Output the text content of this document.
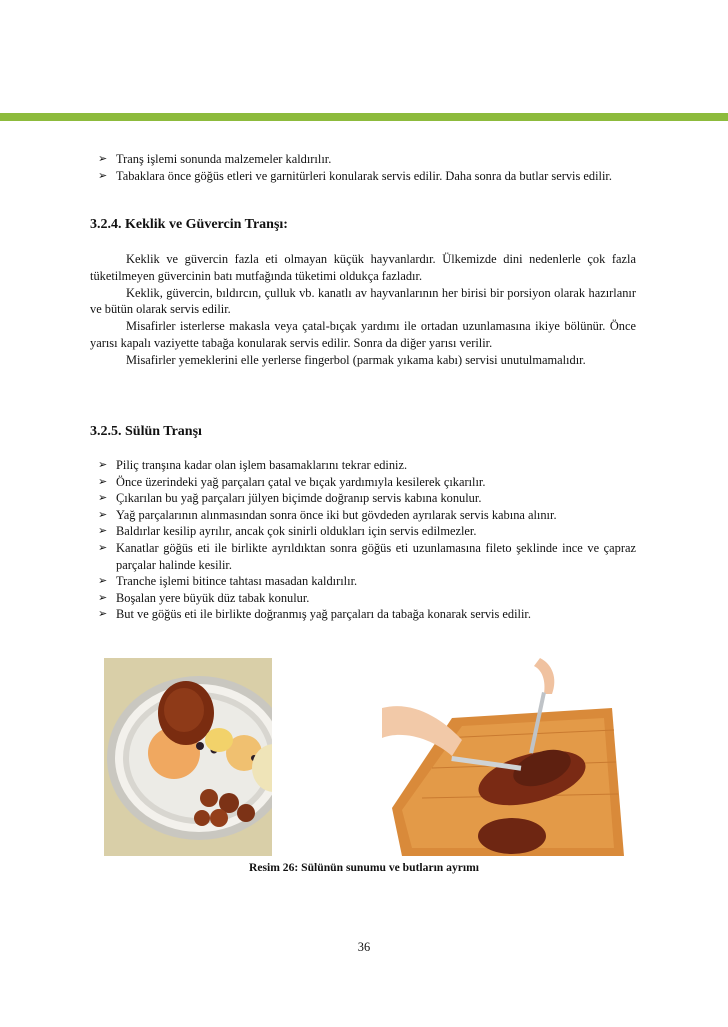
➢ Tranş işlemi sonunda malzemeler kaldırılır.
➢ Tabaklara önce göğüs etleri ve garnitürleri konularak servis edilir. Daha sonra da butlar servis edilir.
3.2.4. Keklik ve Güvercin Tranşı:

Keklik ve güvercin fazla eti olmayan küçük hayvanlardır. Ülkemizde dini nedenlerle çok fazla tüketilmeyen güvercinin batı mutfağında tüketimi oldukça fazladır.

Keklik, güvercin, bıldırcın, çulluk vb. kanatlı av hayvanlarının her birisi bir porsiyon olarak hazırlanır ve bütün olarak servis edilir.

Misafirler isterlerse makasla veya çatal-bıçak yardımı ile ortadan uzunlamasına ikiye bölünür. Önce yarısı kapalı vaziyette tabağa konularak servis edilir. Sonra da diğer yarısı verilir.

Misafirler yemeklerini elle yerlerse fingerbol (parmak yıkama kabı) servisi unutulmamalıdır.

3.2.5. Sülün Tranşı
➢ Piliç tranşına kadar olan işlem basamaklarını tekrar ediniz.
➢ Önce üzerindeki yağ parçaları çatal ve bıçak yardımıyla kesilerek çıkarılır.
➢ Çıkarılan bu yağ parçaları jülyen biçimde doğranıp servis kabına konulur.
➢ Yağ parçalarının alınmasından sonra önce iki but gövdeden ayrılarak servis kabına alınır.
➢ Baldırlar kesilip ayrılır, ancak çok sinirli oldukları için servis edilmezler.
➢ Kanatlar göğüs eti ile birlikte ayrıldıktan sonra göğüs eti uzunlamasına fileto şeklinde ince ve çapraz parçalar halinde kesilir.
➢ Tranche işlemi bitince tahtası masadan kaldırılır.
➢ Boşalan yere büyük düz tabak konulur.
➢ But ve göğüs eti ile birlikte doğranmış yağ parçaları da tabağa konarak servis edilir.
Resim 26: Sülünün sunumu ve butların ayrımı
36
